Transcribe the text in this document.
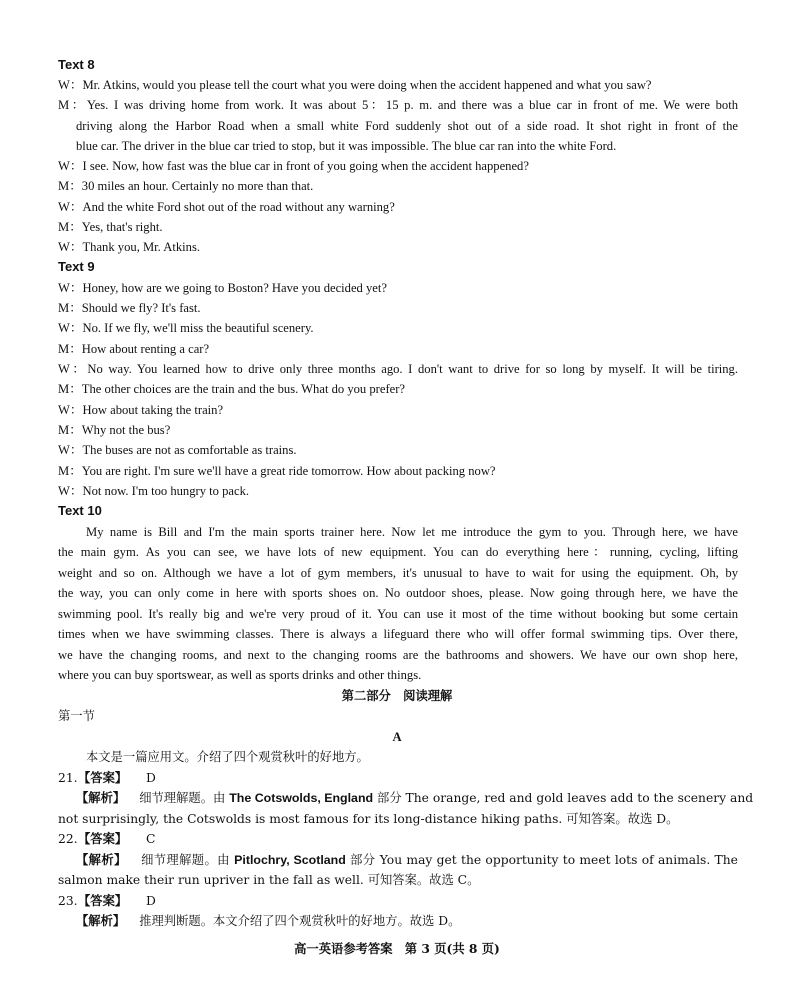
Text 8
W：Mr. Atkins, would you please tell the court what you were doing when the accident happened and what you saw?
M：Yes. I was driving home from work. It was about 5：15 p. m. and there was a blue car in front of me. We were both
driving along the Harbor Road when a small white Ford suddenly shot out of a side road. It shot right in front of the
blue car. The driver in the blue car tried to stop, but it was impossible. The blue car ran into the white Ford.
W：I see. Now, how fast was the blue car in front of you going when the accident happened?
M：30 miles an hour. Certainly no more than that.
W：And the white Ford shot out of the road without any warning?
M：Yes, that's right.
W：Thank you, Mr. Atkins.
Text 9
W：Honey, how are we going to Boston? Have you decided yet?
M：Should we fly? It's fast.
W：No. If we fly, we'll miss the beautiful scenery.
M：How about renting a car?
W：No way. You learned how to drive only three months ago. I don't want to drive for so long by myself. It will be tiring.
M：The other choices are the train and the bus. What do you prefer?
W：How about taking the train?
M：Why not the bus?
W：The buses are not as comfortable as trains.
M：You are right. I'm sure we'll have a great ride tomorrow. How about packing now?
W：Not now. I'm too hungry to pack.
Text 10
My name is Bill and I'm the main sports trainer here. Now let me introduce the gym to you. Through here, we have
the main gym. As you can see, we have lots of new equipment. You can do everything here：running, cycling, lifting
weight and so on. Although we have a lot of gym members, it's unusual to have to wait for using the equipment. Oh, by
the way, you can only come in here with sports shoes on. No outdoor shoes, please. Now going through here, we have the
swimming pool. It's really big and we're very proud of it. You can use it most of the time without booking but some certain
times when we have swimming classes. There is always a lifeguard there who will offer formal swimming tips. Over there,
we have the changing rooms, and next to the changing rooms are the bathrooms and showers. We have our own shop here,
where you can buy sportswear, as well as sports drinks and other things.
第二部分　阅读理解
第一节
A
本文是一篇应用文。介绍了四个观赏秋叶的好地方。
21.【答案】 D
【解析】 细节理解题。由 The Cotswolds, England 部分 The orange, red and gold leaves add to the scenery and
not surprisingly, the Cotswolds is most famous for its long-distance hiking paths. 可知答案。故选 D。
22.【答案】 C
【解析】 细节理解题。由 Pitlochry, Scotland 部分 You may get the opportunity to meet lots of animals. The
salmon make their run upriver in the fall as well. 可知答案。故选 C。
23.【答案】 D
【解析】 推理判断题。本文介绍了四个观赏秋叶的好地方。故选 D。
高一英语参考答案　第 3 页(共 8 页)
